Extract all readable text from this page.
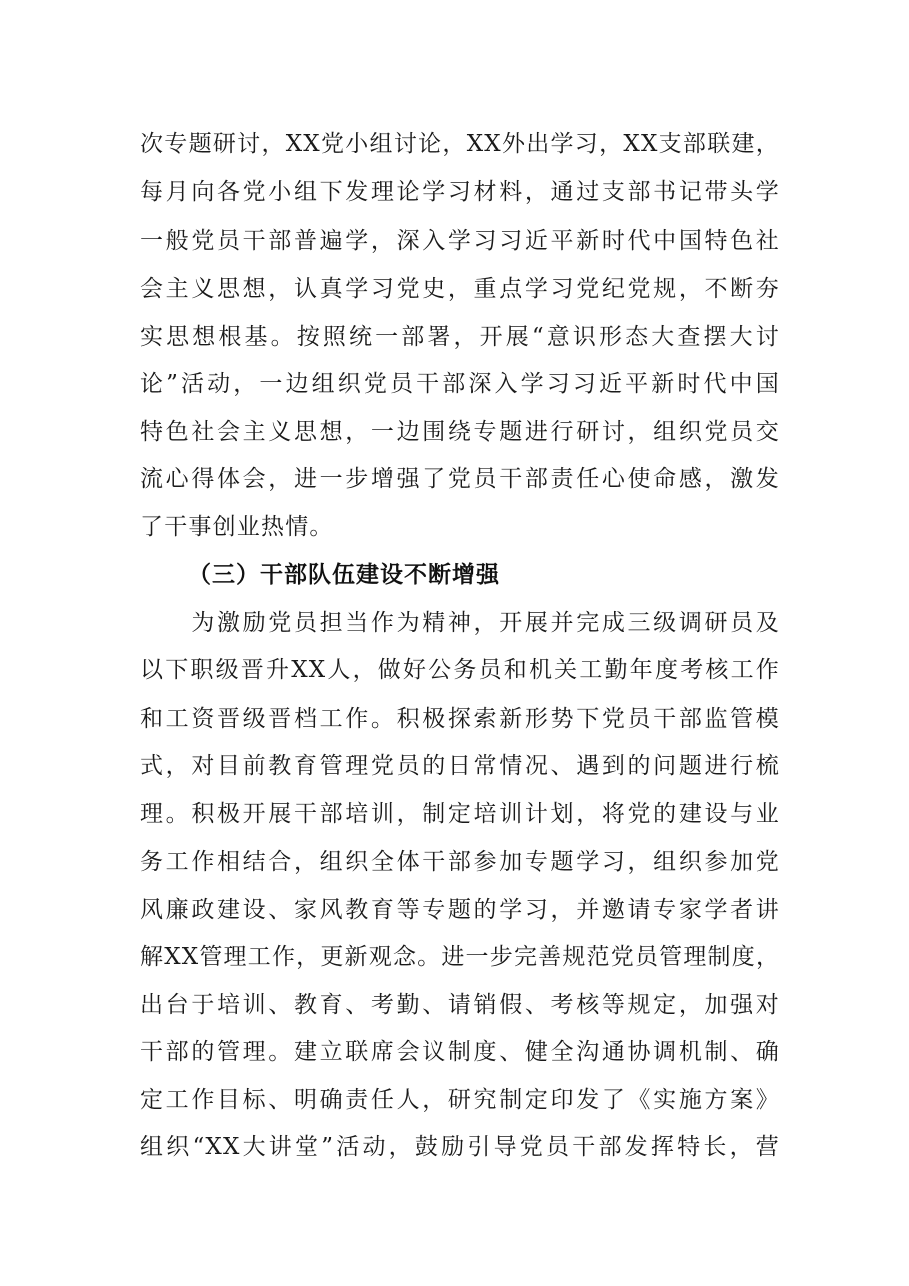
次专题研讨，XX党小组讨论，XX外出学习，XX支部联建，
每月向各党小组下发理论学习材料，通过支部书记带头学
一般党员干部普遍学，深入学习习近平新时代中国特色社
会主义思想，认真学习党史，重点学习党纪党规，不断夯
实思想根基。按照统一部署，开展“意识形态大查摆大讨
论”活动，一边组织党员干部深入学习习近平新时代中国
特色社会主义思想，一边围绕专题进行研讨，组织党员交
流心得体会，进一步增强了党员干部责任心使命感，激发
了干事创业热情。
（三）干部队伍建设不断增强
　　为激励党员担当作为精神，开展并完成三级调研员及
以下职级晋升XX人，做好公务员和机关工勤年度考核工作
和工资晋级晋档工作。积极探索新形势下党员干部监管模
式，对目前教育管理党员的日常情况、遇到的问题进行梳
理。积极开展干部培训，制定培训计划，将党的建设与业
务工作相结合，组织全体干部参加专题学习，组织参加党
风廉政建设、家风教育等专题的学习，并邀请专家学者讲
解XX管理工作，更新观念。进一步完善规范党员管理制度，
出台于培训、教育、考勤、请销假、考核等规定，加强对
干部的管理。建立联席会议制度、健全沟通协调机制、确
定工作目标、明确责任人，研究制定印发了《实施方案》
组织“XX大讲堂”活动，鼓励引导党员干部发挥特长，营
